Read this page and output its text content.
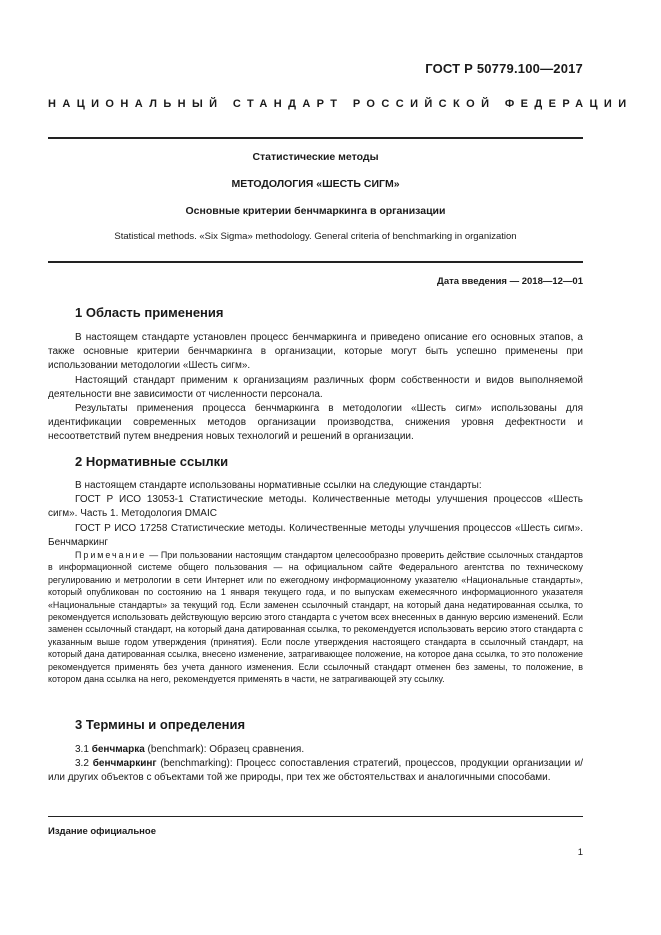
ГОСТ Р 50779.100—2017
НАЦИОНАЛЬНЫЙ СТАНДАРТ РОССИЙСКОЙ ФЕДЕРАЦИИ
Статистические методы
МЕТОДОЛОГИЯ «ШЕСТЬ СИГМ»
Основные критерии бенчмаркинга в организации
Statistical methods. «Six Sigma» methodology. General criteria of benchmarking in organization
Дата введения — 2018—12—01
1 Область применения

В настоящем стандарте установлен процесс бенчмаркинга и приведено описание его основных этапов, а также основные критерии бенчмаркинга в организации, которые могут быть успешно применены при использовании методологии «Шесть сигм».

Настоящий стандарт применим к организациям различных форм собственности и видов выполняемой деятельности вне зависимости от численности персонала.

Результаты применения процесса бенчмаркинга в методологии «Шесть сигм» использованы для идентификации современных методов организации производства, снижения уровня дефектности и несоответствий путем внедрения новых технологий и решений в организации.

2 Нормативные ссылки

В настоящем стандарте использованы нормативные ссылки на следующие стандарты:

ГОСТ Р ИСО 13053-1 Статистические методы. Количественные методы улучшения процессов «Шесть сигм». Часть 1. Методология DMAIC

ГОСТ Р ИСО 17258 Статистические методы. Количественные методы улучшения процессов «Шесть сигм». Бенчмаркинг

Примечание — При пользовании настоящим стандартом целесообразно проверить действие ссылочных стандартов в информационной системе общего пользования — на официальном сайте Федерального агентства по техническому регулированию и метрологии в сети Интернет или по ежегодному информационному указателю «Национальные стандарты», который опубликован по состоянию на 1 января текущего года, и по выпускам ежемесячного информационного указателя «Национальные стандарты» за текущий год. Если заменен ссылочный стандарт, на который дана недатированная ссылка, то рекомендуется использовать действующую версию этого стандарта с учетом всех внесенных в данную версию изменений. Если заменен ссылочный стандарт, на который дана датированная ссылка, то рекомендуется использовать версию этого стандарта с указанным выше годом утверждения (принятия). Если после утверждения настоящего стандарта в ссылочный стандарт, на который дана датированная ссылка, внесено изменение, затрагивающее положение, на которое дана ссылка, то это положение рекомендуется применять без учета данного изменения. Если ссылочный стандарт отменен без замены, то положение, в котором дана ссылка на него, рекомендуется применять в части, не затрагивающей эту ссылку.

3 Термины и определения

3.1 бенчмарка (benchmark): Образец сравнения.

3.2 бенчмаркинг (benchmarking): Процесс сопоставления стратегий, процессов, продукции организации и/или других объектов с объектами той же природы, при тех же обстоятельствах и аналогичными способами.

Издание официальное
1
